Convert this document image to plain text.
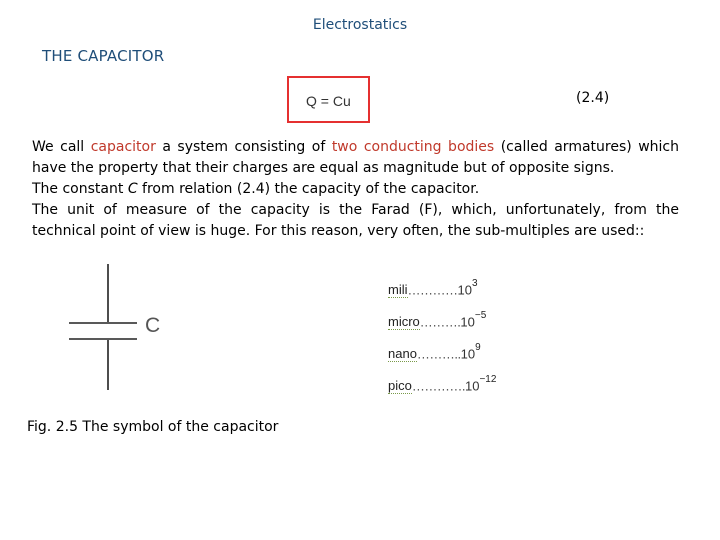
Electrostatics
THE CAPACITOR
Q = Cu	(2.4)

We call capacitor a system consisting of two conducting bodies (called armatures) which have the property that their charges are equal as magnitude but of opposite signs.

The constant C from relation (2.4) the capacity of the capacitor.

The unit of measure of the capacity is the Farad (F), which, unfortunately, from the technical point of view is huge. For this reason, very often, the sub-multiples are used::

C
$mili\dots\dots\dots\dots 10^3$
$micro\dots\dots\dots.10^{-5}$
nano………..10$^9$
$pico\dots\dots\dots\dots.10^{-12}$
Fig. 2.5 The symbol of the capacitor
